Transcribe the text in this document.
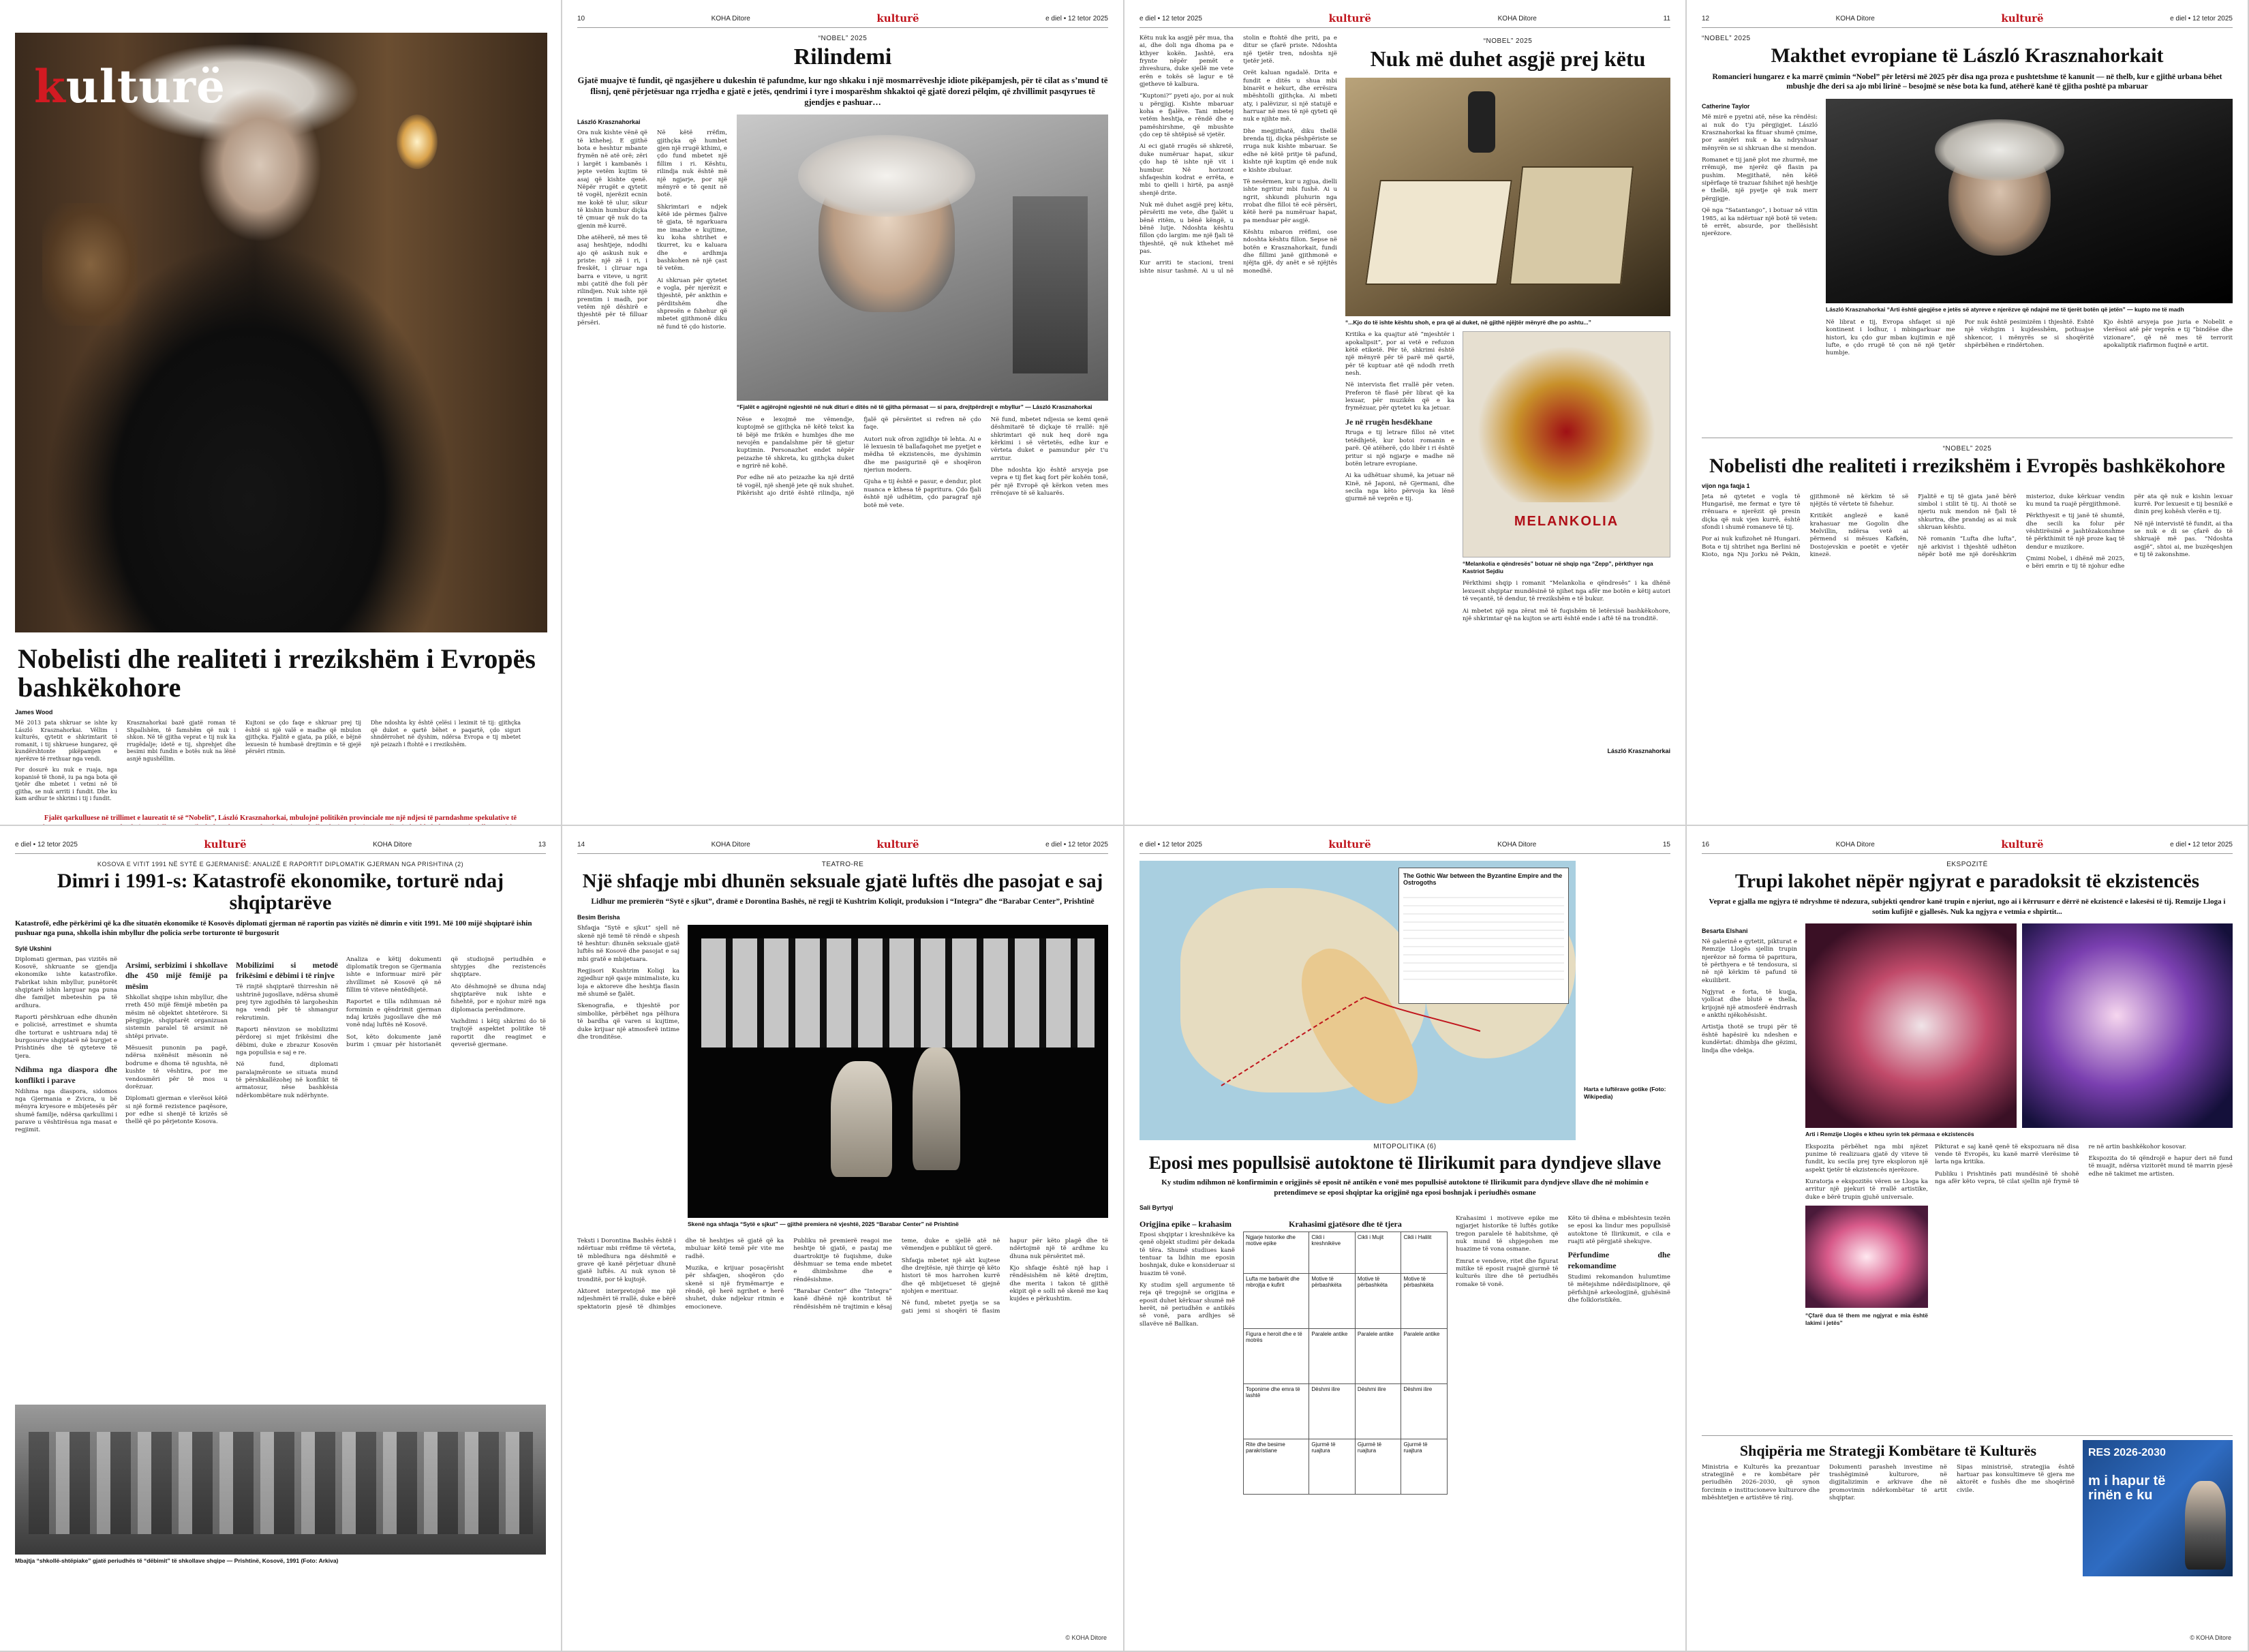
kulturë
Nobelisti dhe realiteti i rrezikshëm i Evropës bashkëkohore
James Wood

Më 2013 pata shkruar se ishte ky László Krasznahorkai. Vëllim i kulturës, qytetit e shkrimtarit të romanit, i tij shkruese hungarez, që kundërshtonte pikëpamjen e njerëzve të rrethuar nga vendi.

Por dosurë ku nuk e ruaja, nga kopanisë të thonë, iu pa nga bota që tjetër dhe mbetet i vetmi në të gjitha, se nuk arriti i fundit. Dhe ku kam ardhur te shkrimi i tij i fundit.

Krasznahorkai bazë gjatë roman të Shpallshëm, të famshëm që nuk i shkon. Në të gjitha veprat e tij nuk ka rrugëdalje; idetë e tij, shprehjet dhe besimi mbi fundin e botës nuk na lënë asnjë ngushëllim.

Kujtoni se çdo faqe e shkruar prej tij është si një valë e madhe që mbulon gjithçka. Fjalitë e gjata, pa pikë, e bëjnë lexuesin të humbasë drejtimin e të gjejë përsëri ritmin.

Dhe ndoshta ky është çelësi i leximit të tij: gjithçka që duket e qartë bëhet e paqartë, çdo siguri shndërrohet në dyshim, ndërsa Evropa e tij mbetet një peizazh i ftohtë e i rrezikshëm.

Fjalët qarkulluese në trillimet e laureatit të sё “Nobelit”, László Krasznahorkai, mbulojnë politikën provinciale me një ndjesi të parndashme spekulative të
10	KOHA Ditore	kulturë	e diel • 12 tetor 2025
“NOBEL” 2025
Rilindemi
Gjatë muajve të fundit, që ngasjëhere u dukeshin të pafundme, kur ngo shkaku i një mosmarrëveshje idiote pikëpamjesh, për të cilat as s’mund të flisnj, qenë përjetësuar nga rrjedha e gjatë e jetës, qendrimi i tyre i mosparëshm shkaktoi që gjatë dorezi pëlqim, që zhvillimit pasqyrues të gjendjes e pashuar…
László Krasznahorkai

Ora nuk kishte vënë që të kthehej. E gjithë bota e heshtur mbante frymën në atë orë; zëri i largët i kambanës i jepte vetëm kujtim të asaj që kishte qenë. Nëpër rrugët e qytetit të vogël, njerëzit ecnin me kokë të ulur, sikur të kishin humbur diçka të çmuar që nuk do ta gjenin më kurrë.

Dhe atëherë, në mes të asaj heshtjeje, ndodhi ajo që askush nuk e priste: një zë i ri, i freskët, i çliruar nga barra e viteve, u ngrit mbi çatitë dhe foli për rilindjen. Nuk ishte një premtim i madh, por vetëm një dëshirë e thjeshtë për të filluar përsëri.

Në këtë rrëfim, gjithçka që humbet gjen një rrugë kthimi, e çdo fund mbetet një fillim i ri. Kështu, rilindja nuk është më një ngjarje, por një mënyrë e të qenit në botë.

Shkrimtari e ndjek këtë ide përmes fjalive të gjata, të ngarkuara me imazhe e kujtime, ku koha shtrihet e tkurret, ku e kaluara dhe e ardhmja bashkohen në një çast të vetëm.

Ai shkruan për qytetet e vogla, për njerëzit e thjeshtë, për ankthin e përditshëm dhe shpresën e fshehur që mbetet gjithmonë diku në fund të çdo historie.

“Fjalët e agjërojnë ngjeshtë në nuk dituri e ditës në të gjitha përmasat — si para, drejtpërdrejt e mbyllur” — László Krasznahorkai

Nëse e lexojmë me vëmendje, kuptojmë se gjithçka në këtë tekst ka të bëjë me frikën e humbjes dhe me nevojën e pandalshme për të gjetur kuptimin. Personazhet endet nëpër peizazhe të shkreta, ku gjithçka duket e ngrirë në kohë.

Por edhe në ato peizazhe ka një dritë të vogël, një shenjë jete që nuk shuhet. Pikërisht ajo dritë është rilindja, një fjalë që përsëritet si refren në çdo faqe.

Autori nuk ofron zgjidhje të lehta. Ai e lë lexuesin të ballafaqohet me pyetjet e mëdha të ekzistencës, me dyshimin dhe me pasigurinë që e shoqëron njeriun modern.

Gjuha e tij është e pasur, e dendur, plot nuanca e kthesa të papritura. Çdo fjali është një udhëtim, çdo paragraf një botë më vete.

Në fund, mbetet ndjesia se kemi qenë dëshmitarë të diçkaje të rrallë: një shkrimtari që nuk heq dorë nga kërkimi i së vërtetës, edhe kur e vërteta duket e pamundur për t'u arritur.

Dhe ndoshta kjo është arsyeja pse vepra e tij flet kaq fort për kohën tonë, për një Evropë që kërkon veten mes rrënojave të së kaluarës.

e diel • 12 tetor 2025	kulturë	KOHA Ditore	11

Këtu nuk ka asgjë për mua, tha ai, dhe doli nga dhoma pa e kthyer kokën. Jashtë, era frynte nëpër pemët e zhveshura, duke sjellë me vete erën e tokës së lagur e të gjetheve të kalbura.

“Kuptoni?” pyeti ajo, por ai nuk u përgjigj. Kishte mbaruar koha e fjalëve. Tani mbetej vetëm heshtja, e rëndë dhe e pamëshirshme, që mbushte çdo cep të shtëpisë së vjetër.

Ai eci gjatë rrugës së shkretë, duke numëruar hapat, sikur çdo hap të ishte një vit i humbur. Në horizont shfaqeshin kodrat e errëta, e mbi to qielli i hirtë, pa asnjë shenjë drite.

Nuk më duhet asgjë prej këtu, përsëriti me vete, dhe fjalët u bënë ritëm, u bënë këngë, u bënë lutje. Ndoshta kështu fillon çdo largim: me një fjali të thjeshtë, që nuk kthehet më pas.

Kur arriti te stacioni, treni ishte nisur tashmë. Ai u ul në stolin e ftohtë dhe priti, pa e ditur se çfarë priste. Ndoshta një tjetër tren, ndoshta një tjetër jetë.

Orët kaluan ngadalë. Drita e fundit e ditës u shua mbi binarët e hekurt, dhe errësira mbështolli gjithçka. Ai mbeti aty, i palëvizur, si një statujë e harruar në mes të një qyteti që nuk e njihte më.

Dhe megjithatë, diku thellë brenda tij, diçka pëshpëriste se rruga nuk kishte mbaruar. Se edhe në këtë pritje të pafund, kishte një kuptim që ende nuk e kishte zbuluar.

Të nesërmen, kur u zgjua, dielli ishte ngritur mbi fushë. Ai u ngrit, shkundi pluhurin nga rrobat dhe filloi të ecë përsëri, këtë herë pa numëruar hapat, pa menduar për asgjë.

Kështu mbaron rrëfimi, ose ndoshta kështu fillon. Sepse në botën e Krasznahorkait, fundi dhe fillimi janë gjithmonë e njëjta gjë, dy anët e së njëjtës monedhë.

“NOBEL” 2025
Nuk më duhet asgjë prej këtu
“...Kjo do të ishte kështu shoh, e pra që ai duket, në gjithë njëjtër mënyrë dhe po ashtu...”

Kritika e ka quajtur atë “mjeshtër i apokalipsit”, por ai vetë e refuzon këtë etiketë. Për të, shkrimi është një mënyrë për të parë më qartë, për të kuptuar atë që ndodh rreth nesh.

Në intervista flet rrallë për veten. Preferon të flasë për librat që ka lexuar, për muzikën që e ka frymëzuar, për qytetet ku ka jetuar.

Je në rrugën hesdëkhane

Rruga e tij letrare filloi në vitet tetëdhjetë, kur botoi romanin e parë. Që atëherë, çdo libër i ri është pritur si një ngjarje e madhe në botën letrare evropiane.

Ai ka udhëtuar shumë, ka jetuar në Kinë, në Japoni, në Gjermani, dhe secila nga këto përvoja ka lënë gjurmë në veprën e tij.

MELANKOLIA
“Melankolia e qëndresës” botuar në shqip nga “Zepp”, përkthyer nga Kastriot Sejdiu

Përkthimi shqip i romanit “Melankolia e qëndresës” i ka dhënë lexuesit shqiptar mundësinë të njihet nga afër me botën e këtij autori të veçantë, të dendur, të rrezikshëm e të bukur.

Ai mbetet një nga zërat më të fuqishëm të letërsisë bashkëkohore, një shkrimtar që na kujton se arti është ende i aftë të na tronditë.

László Krasznahorkai
12	KOHA Ditore	kulturë	e diel • 12 tetor 2025
“NOBEL” 2025
Makthet evropiane të László Krasznahorkait
Romancieri hungarez e ka marrë çmimin “Nobel” për letërsi më 2025 për disa nga proza e pushtetshme të kanunit — në thelb, kur e gjithë urbana bëhet mbushje dhe deri sa ajo mbi lirinë – besojmë se nëse bota ka fund, atëherë kanë të gjitha poshtë pa mbaruar
Catherine Taylor

Më mirë e pyetni atë, nëse ka rëndësi: ai nuk do t'ju përgjigjet. László Krasznahorkai ka fituar shumë çmime, por asnjëri nuk e ka ndryshuar mënyrën se si shkruan dhe si mendon.

Romanet e tij janë plot me zhurmë, me rrëmujë, me njerëz që flasin pa pushim. Megjithatë, nën këtë sipërfaqe të trazuar fshihet një heshtje e thellë, një pyetje që nuk merr përgjigje.

Që nga “Satantango”, i botuar në vitin 1985, ai ka ndërtuar një botë të veten: të errët, absurde, por thellësisht njerëzore.

László Krasznahorkai “Arti është gjegjëse e jetës së atyreve e njerëzve që ndajnë me të tjerët botën që jetën” — kupto me të madh

Në librat e tij, Evropa shfaqet si një kontinent i lodhur, i mbingarkuar me histori, ku çdo gur mban kujtimin e një lufte, e çdo rrugë të çon në një tjetër humbje.

Por nuk është pesimizëm i thjeshtë. Është një vëzhgim i kujdesshëm, pothuajse shkencor, i mënyrës se si shoqëritë shpërbëhen e rindërtohen.

Kjo është arsyeja pse juria e Nobelit e vlerësoi atë për veprën e tij “bindëse dhe vizionare”, që në mes të terrorit apokaliptik riafirmon fuqinë e artit.

“NOBEL” 2025
Nobelisti dhe realiteti i rrezikshëm i Evropës bashkëkohore
vijon nga faqja 1

Jeta në qytetet e vogla të Hungarisë, me fermat e tyre të rrënuara e njerëzit që presin diçka që nuk vjen kurrë, është sfondi i shumë romaneve të tij.

Por ai nuk kufizohet në Hungari. Bota e tij shtrihet nga Berlini në Kioto, nga Nju Jorku në Pekin, gjithmonë në kërkim të së njëjtës të vërtete të fshehur.

Kritikët anglezë e kanë krahasuar me Gogolin dhe Melvillin, ndërsa vetë ai përmend si mësues Kafkën, Dostojevskin e poetët e vjetër kinezë.

Fjalitë e tij të gjata janë bërë simbol i stilit të tij. Ai thotë se njeriu nuk mendon në fjali të shkurtra, dhe prandaj as ai nuk shkruan kështu.

Në romanin “Lufta dhe lufta”, një arkivist i thjeshtë udhëton nëpër botë me një dorëshkrim misterioz, duke kërkuar vendin ku mund ta ruajë përgjithmonë.

Përkthyesit e tij janë të shumtë, dhe secili ka folur për vështirësinë e jashtëzakonshme të përkthimit të një proze kaq të dendur e muzikore.

Çmimi Nobel, i dhënë më 2025, e bëri emrin e tij të njohur edhe për ata që nuk e kishin lexuar kurrë. Por lexuesit e tij besnikë e dinin prej kohësh vlerën e tij.

Në një intervistë të fundit, ai tha se nuk e di se çfarë do të shkruajë më pas. “Ndoshta asgjë”, shtoi ai, me buzëqeshjen e tij të zakonshme.

e diel • 12 tetor 2025	kulturë	KOHA Ditore	13
KOSOVA E VITIT 1991 NË SYTË E GJERMANISË: ANALIZË E RAPORTIT DIPLOMATIK GJERMAN NGA PRISHTINA (2)
Dimri i 1991-s: Katastrofë ekonomike, torturë ndaj shqiptarëve
Katastrofë, edhe përkërimi që ka dhe situatën ekonomike të Kosovës diplomati gjerman në raportin pas vizitës në dimrin e vitit 1991. Më 100 mijë shqiptarë ishin pushuar nga puna, shkolla ishin mbyllur dhe policia serbe torturonte të burgosurit
Sylë Ukshini

Diplomati gjerman, pas vizitës në Kosovë, shkruante se gjendja ekonomike ishte katastrofike. Fabrikat ishin mbyllur, punëtorët shqiptarë ishin larguar nga puna dhe familjet mbeteshin pa të ardhura.

Raporti përshkruan edhe dhunën e policisë, arrestimet e shumta dhe torturat e ushtruara ndaj të burgosurve shqiptarë në burgjet e Prishtinës dhe të qyteteve të tjera.

Ndihma nga diaspora dhe konflikti i parave

Ndihma nga diaspora, sidomos nga Gjermania e Zvicra, u bë mënyra kryesore e mbijetesës për shumë familje, ndërsa qarkullimi i parave u vështirësua nga masat e regjimit.

Arsimi, serbizimi i shkollave dhe 450 mijë fëmijë pa mësim

Shkollat shqipe ishin mbyllur, dhe rreth 450 mijë fëmijë mbetën pa mësim në objektet shtetërore. Si përgjigje, shqiptarët organizuan sistemin paralel të arsimit në shtëpi private.

Mësuesit punonin pa pagë, ndërsa nxënësit mësonin në bodrume e dhoma të ngushta, në kushte të vështira, por me vendosmëri për të mos u dorëzuar.

Diplomati gjerman e vlerësoi këtë si një formë rezistence paqësore, por edhe si shenjë të krizës së thellë që po përjetonte Kosova.

Mobilizimi si metodë frikësimi e dëbimi i të rinjve

Të rinjtë shqiptarë thirreshin në ushtrinë jugosllave, ndërsa shumë prej tyre zgjodhën të largoheshin nga vendi për të shmangur rekrutimin.

Raporti nënvizon se mobilizimi përdorej si mjet frikësimi dhe dëbimi, duke e zbrazur Kosovën nga popullsia e saj e re.

Në fund, diplomati paralajmëronte se situata mund të përshkallëzohej në konflikt të armatosur, nëse bashkësia ndërkombëtare nuk ndërhynte.

Analiza e këtij dokumenti diplomatik tregon se Gjermania ishte e informuar mirë për zhvillimet në Kosovë që në fillim të viteve nëntëdhjetë.

Raportet e tilla ndihmuan në formimin e qëndrimit gjerman ndaj krizës jugosllave dhe më vonë ndaj luftës në Kosovë.

Sot, këto dokumente janë burim i çmuar për historianët që studiojnë periudhën e shtypjes dhe rezistencës shqiptare.

Ato dëshmojnë se dhuna ndaj shqiptarëve nuk ishte e fshehtë, por e njohur mirë nga diplomacia perëndimore.

Vazhdimi i këtij shkrimi do të trajtojë aspektet politike të raportit dhe reagimet e qeverisë gjermane.

Mbajtja “shkollë-shtëpiake” gjatë periudhës të “dëbimit” të shkollave shqipe — Prishtinë, Kosovë, 1991 (Foto: Arkiva)
14	KOHA Ditore	kulturë	e diel • 12 tetor 2025
TEATRO-RE
Një shfaqje mbi dhunën seksuale gjatë luftës dhe pasojat e saj
Lidhur me premierën “Sytë e sjkut”, dramë e Dorontina Bashës, në regji të Kushtrim Koliqit, produksion i “Integra” dhe “Barabar Center”, Prishtinë
Besim Berisha

Shfaqja “Sytë e sjkut” sjell në skenë një temë të rëndë e shpesh të heshtur: dhunën seksuale gjatë luftës në Kosovë dhe pasojat e saj mbi gratë e mbijetuara.

Regjisori Kushtrim Koliqi ka zgjedhur një qasje minimaliste, ku loja e aktoreve dhe heshtja flasin më shumë se fjalët.

Skenografia, e thjeshtë por simbolike, përbëhet nga pëlhura të bardha që varen si kujtime, duke krijuar një atmosferë intime dhe tronditëse.

Skenë nga shfaqja “Sytë e sjkut” — gjithë premiera në vjeshtë, 2025 “Barabar Center” në Prishtinë

Teksti i Dorontina Bashës është i ndërtuar mbi rrëfime të vërteta, të mbledhura nga dëshmitë e grave që kanë përjetuar dhunë gjatë luftës. Ai nuk synon të tronditë, por të kujtojë.

Aktoret interpretojnë me një ndjeshmëri të rrallë, duke e bërë spektatorin pjesë të dhimbjes dhe të heshtjes së gjatë që ka mbuluar këtë temë për vite me radhë.

Muzika, e krijuar posaçërisht për shfaqjen, shoqëron çdo skenë si një frymëmarrje e rëndë, që herë ngrihet e herë shuhet, duke ndjekur ritmin e emocioneve.

Publiku në premierë reagoi me heshtje të gjatë, e pastaj me duartrokitje të fuqishme, duke dëshmuar se tema ende mbetet e dhimbshme dhe e rëndësishme.

“Barabar Center” dhe “Integra” kanë dhënë një kontribut të rëndësishëm në trajtimin e kësaj teme, duke e sjellë atë në vëmendjen e publikut të gjerë.

Shfaqja mbetet një akt kujtese dhe drejtësie, një thirrje që këto histori të mos harrohen kurrë dhe që mbijetueset të gjejnë njohjen e merituar.

Në fund, mbetet pyetja se sa gati jemi si shoqëri të flasim hapur për këto plagë dhe të ndërtojmë një të ardhme ku dhuna nuk përsëritet më.

Kjo shfaqje është një hap i rëndësishëm në këtë drejtim, dhe merita i takon të gjithë ekipit që e solli në skenë me kaq kujdes e përkushtim.

© KOHA Ditore
e diel • 12 tetor 2025	kulturë	KOHA Ditore	15
The Gothic War between the Byzantine Empire and the Ostrogoths
Harta e luftërave gotike (Foto: Wikipedia)
MITOPOLITIKA (6)
Eposi mes popullsisë autoktone të Ilirikumit para dyndjeve sllave
Ky studim ndihmon në konfirmimin e origjinës së eposit në antikën e vonë mes popullsisë autoktone të Ilirikumit para dyndjeve sllave dhe në mohimin e pretendimeve se eposi shqiptar ka origjinë nga eposi boshnjak i periudhës osmane
Sali Byrtyqi
Origjina epike – krahasim

Eposi shqiptar i kreshnikëve ka qenë objekt studimi për dekada të tëra. Shumë studiues kanë tentuar ta lidhin me eposin boshnjak, duke e konsideruar si huazim të vonë.

Ky studim sjell argumente të reja që tregojnë se origjina e eposit duhet kërkuar shumë më herët, në periudhën e antikës së vonë, para ardhjes së sllavëve në Ballkan.

Krahasimi gjatësore dhe të tjera
Ngjarje historike dhe motive epike	Cikli i kreshnikëve	Cikli i Mujit	Cikli i Halilit
Lufta me barbarët dhe mbrojtja e kufirit	Motive të përbashkëta	Motive të përbashkëta	Motive të përbashkëta
Figura e heroit dhe e të motrës	Paralele antike	Paralele antike	Paralele antike
Toponime dhe emra të lashtë	Dëshmi ilire	Dëshmi ilire	Dëshmi ilire
Rite dhe besime parakristiane	Gjurmë të ruajtura	Gjurmë të ruajtura	Gjurmë të ruajtura

Krahasimi i motiveve epike me ngjarjet historike të luftës gotike tregon paralele të habitshme, që nuk mund të shpjegohen me huazime të vona osmane.

Emrat e vendeve, ritet dhe figurat mitike të eposit ruajnë gjurmë të kulturës ilire dhe të periudhës romake të vonë.

Këto të dhëna e mbështesin tezën se eposi ka lindur mes popullsisë autoktone të Ilirikumit, e cila e ruajti atë përgjatë shekujve.

Përfundime dhe rekomandime

Studimi rekomandon hulumtime të mëtejshme ndërdisiplinore, që përfshijnë arkeologjinë, gjuhësinë dhe folkloristikën.

16	KOHA Ditore	kulturë	e diel • 12 tetor 2025
EKSPOZITË
Trupi lakohet nëpër ngjyrat e paradoksit të ekzistencës
Veprat e gjalla me ngjyra të ndryshme të ndezura, subjekti qendror kanë trupin e njeriut, ngo ai i kërrusurr e dërrë në ekzistencë e lakesësi të tij. Remzije Lloga i sotim kufijtë e gjallesës. Nuk ka ngjyra e vetmia e shpirtit...
Besarta Elshani

Në galerinë e qytetit, pikturat e Remzije Llogës sjellin trupin njerëzor në forma të papritura, të përthyera e të tendosura, si në një kërkim të pafund të ekuilibrit.

Ngjyrat e forta, të kuqja, vjollcat dhe blutë e thella, krijojnë një atmosferë ëndrrash e ankthi njëkohësisht.

Artistja thotë se trupi për të është hapësirë ku ndeshen e kundërtat: dhimbja dhe gëzimi, lindja dhe vdekja.

Arti i Remzije Llogës e ktheu syrin tek përmasa e ekzistencës

Ekspozita përbëhet nga mbi njëzet punime të realizuara gjatë dy viteve të fundit, ku secila prej tyre eksploron një aspekt tjetër të ekzistencës njerëzore.

Kuratorja e ekspozitës vëren se Lloga ka arritur një pjekuri të rrallë artistike, duke e bërë trupin gjuhë universale.

“Çfarë dua të them me ngjyrat e mia është lakimi i jetës”

Pikturat e saj kanë qenë të ekspozuara në disa vende të Evropës, ku kanë marrë vlerësime të larta nga kritika.

Publiku i Prishtinës pati mundësinë të shohë nga afër këto vepra, të cilat sjellin një frymë të re në artin bashkëkohor kosovar.

Ekspozita do të qëndrojë e hapur deri në fund të muajit, ndërsa vizitorët mund të marrin pjesë edhe në takimet me artisten.

Shqipëria me Strategji Kombëtare të Kulturës

Ministria e Kulturës ka prezantuar strategjinë e re kombëtare për periudhën 2026–2030, që synon forcimin e institucioneve kulturore dhe mbështetjen e artistëve të rinj.

Dokumenti parasheh investime në trashëgiminë kulturore, në digjitalizimin e arkivave dhe në promovimin ndërkombëtar të artit shqiptar.

Sipas ministrisë, strategjia është hartuar pas konsultimeve të gjera me aktorët e fushës dhe me shoqërinë civile.

RES 2026-2030
m i hapur të rinën e ku
© KOHA Ditore
